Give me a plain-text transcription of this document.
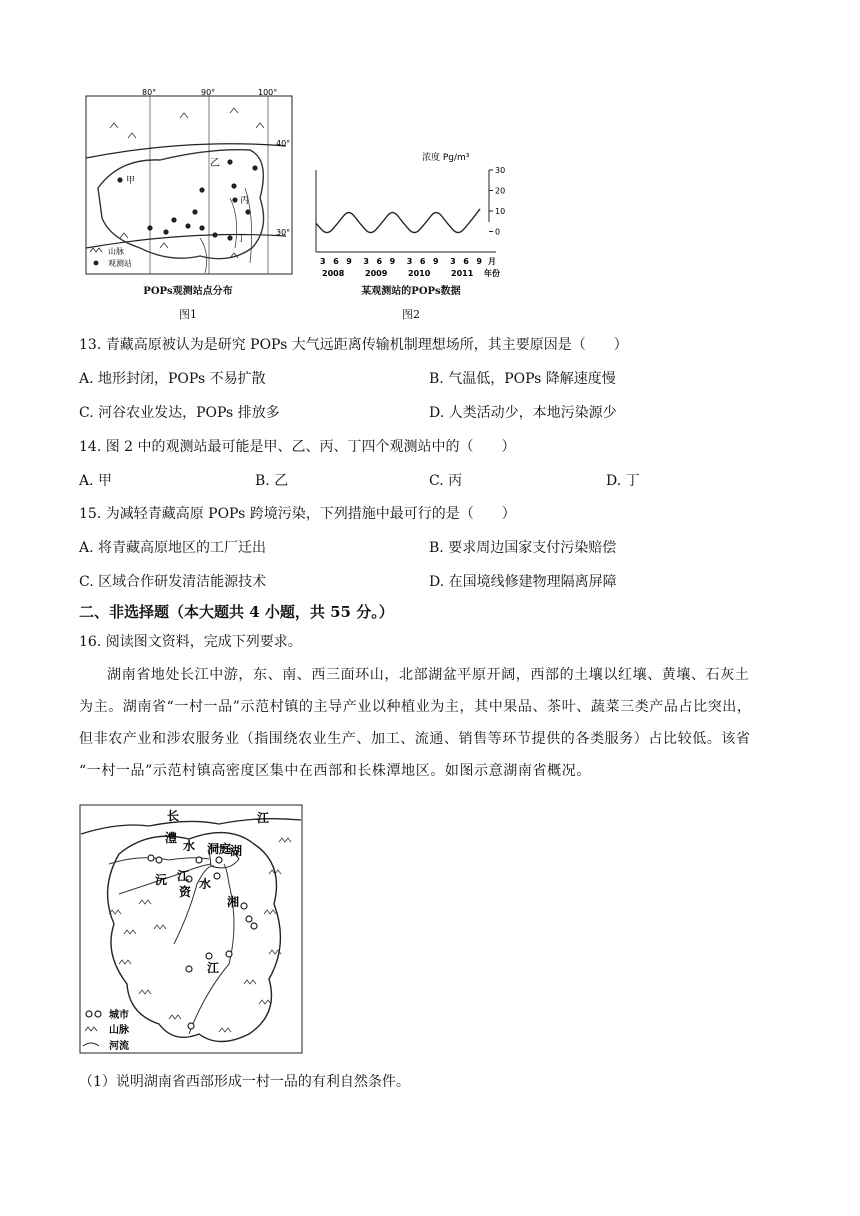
80°	90°	100°
40°
30°
甲
乙
丙
丁
山脉
观测站
POPs观测站点分布
图1
浓度 Pg/m³
30
20
10
0
3 6 9 3 6 9 3 6 9 3 6 9
2008	2009	2010	2011
月
年份
某观测站的POPs数据
图2
13. 青藏高原被认为是研究 POPs 大气远距离传输机制理想场所，其主要原因是（　　）
A. 地形封闭，POPs 不易扩散	B. 气温低，POPs 降解速度慢
C. 河谷农业发达，POPs 排放多	D. 人类活动少，本地污染源少
14. 图 2 中的观测站最可能是甲、乙、丙、丁四个观测站中的（　　）
A. 甲	B. 乙	C. 丙	D. 丁
15. 为减轻青藏高原 POPs 跨境污染，下列措施中最可行的是（　　）
A. 将青藏高原地区的工厂迁出	B. 要求周边国家支付污染赔偿
C. 区域合作研发清洁能源技术	D. 在国境线修建物理隔离屏障
二、非选择题（本大题共 4 小题，共 55 分。）
16. 阅读图文资料，完成下列要求。
湖南省地处长江中游，东、南、西三面环山，北部湖盆平原开阔，西部的土壤以红壤、黄壤、石灰土
为主。湖南省“一村一品”示范村镇的主导产业以种植业为主，其中果品、茶叶、蔬菜三类产品占比突出，
但非农产业和涉农服务业（指围绕农业生产、加工、流通、销售等环节提供的各类服务）占比较低。该省
“一村一品”示范村镇高密度区集中在西部和长株潭地区。如图示意湖南省概况。
长	江
澧
水 洞庭
湖
沅 江
资
水
湘
江
城市
山脉
河流
（1）说明湖南省西部形成一村一品的有利自然条件。
